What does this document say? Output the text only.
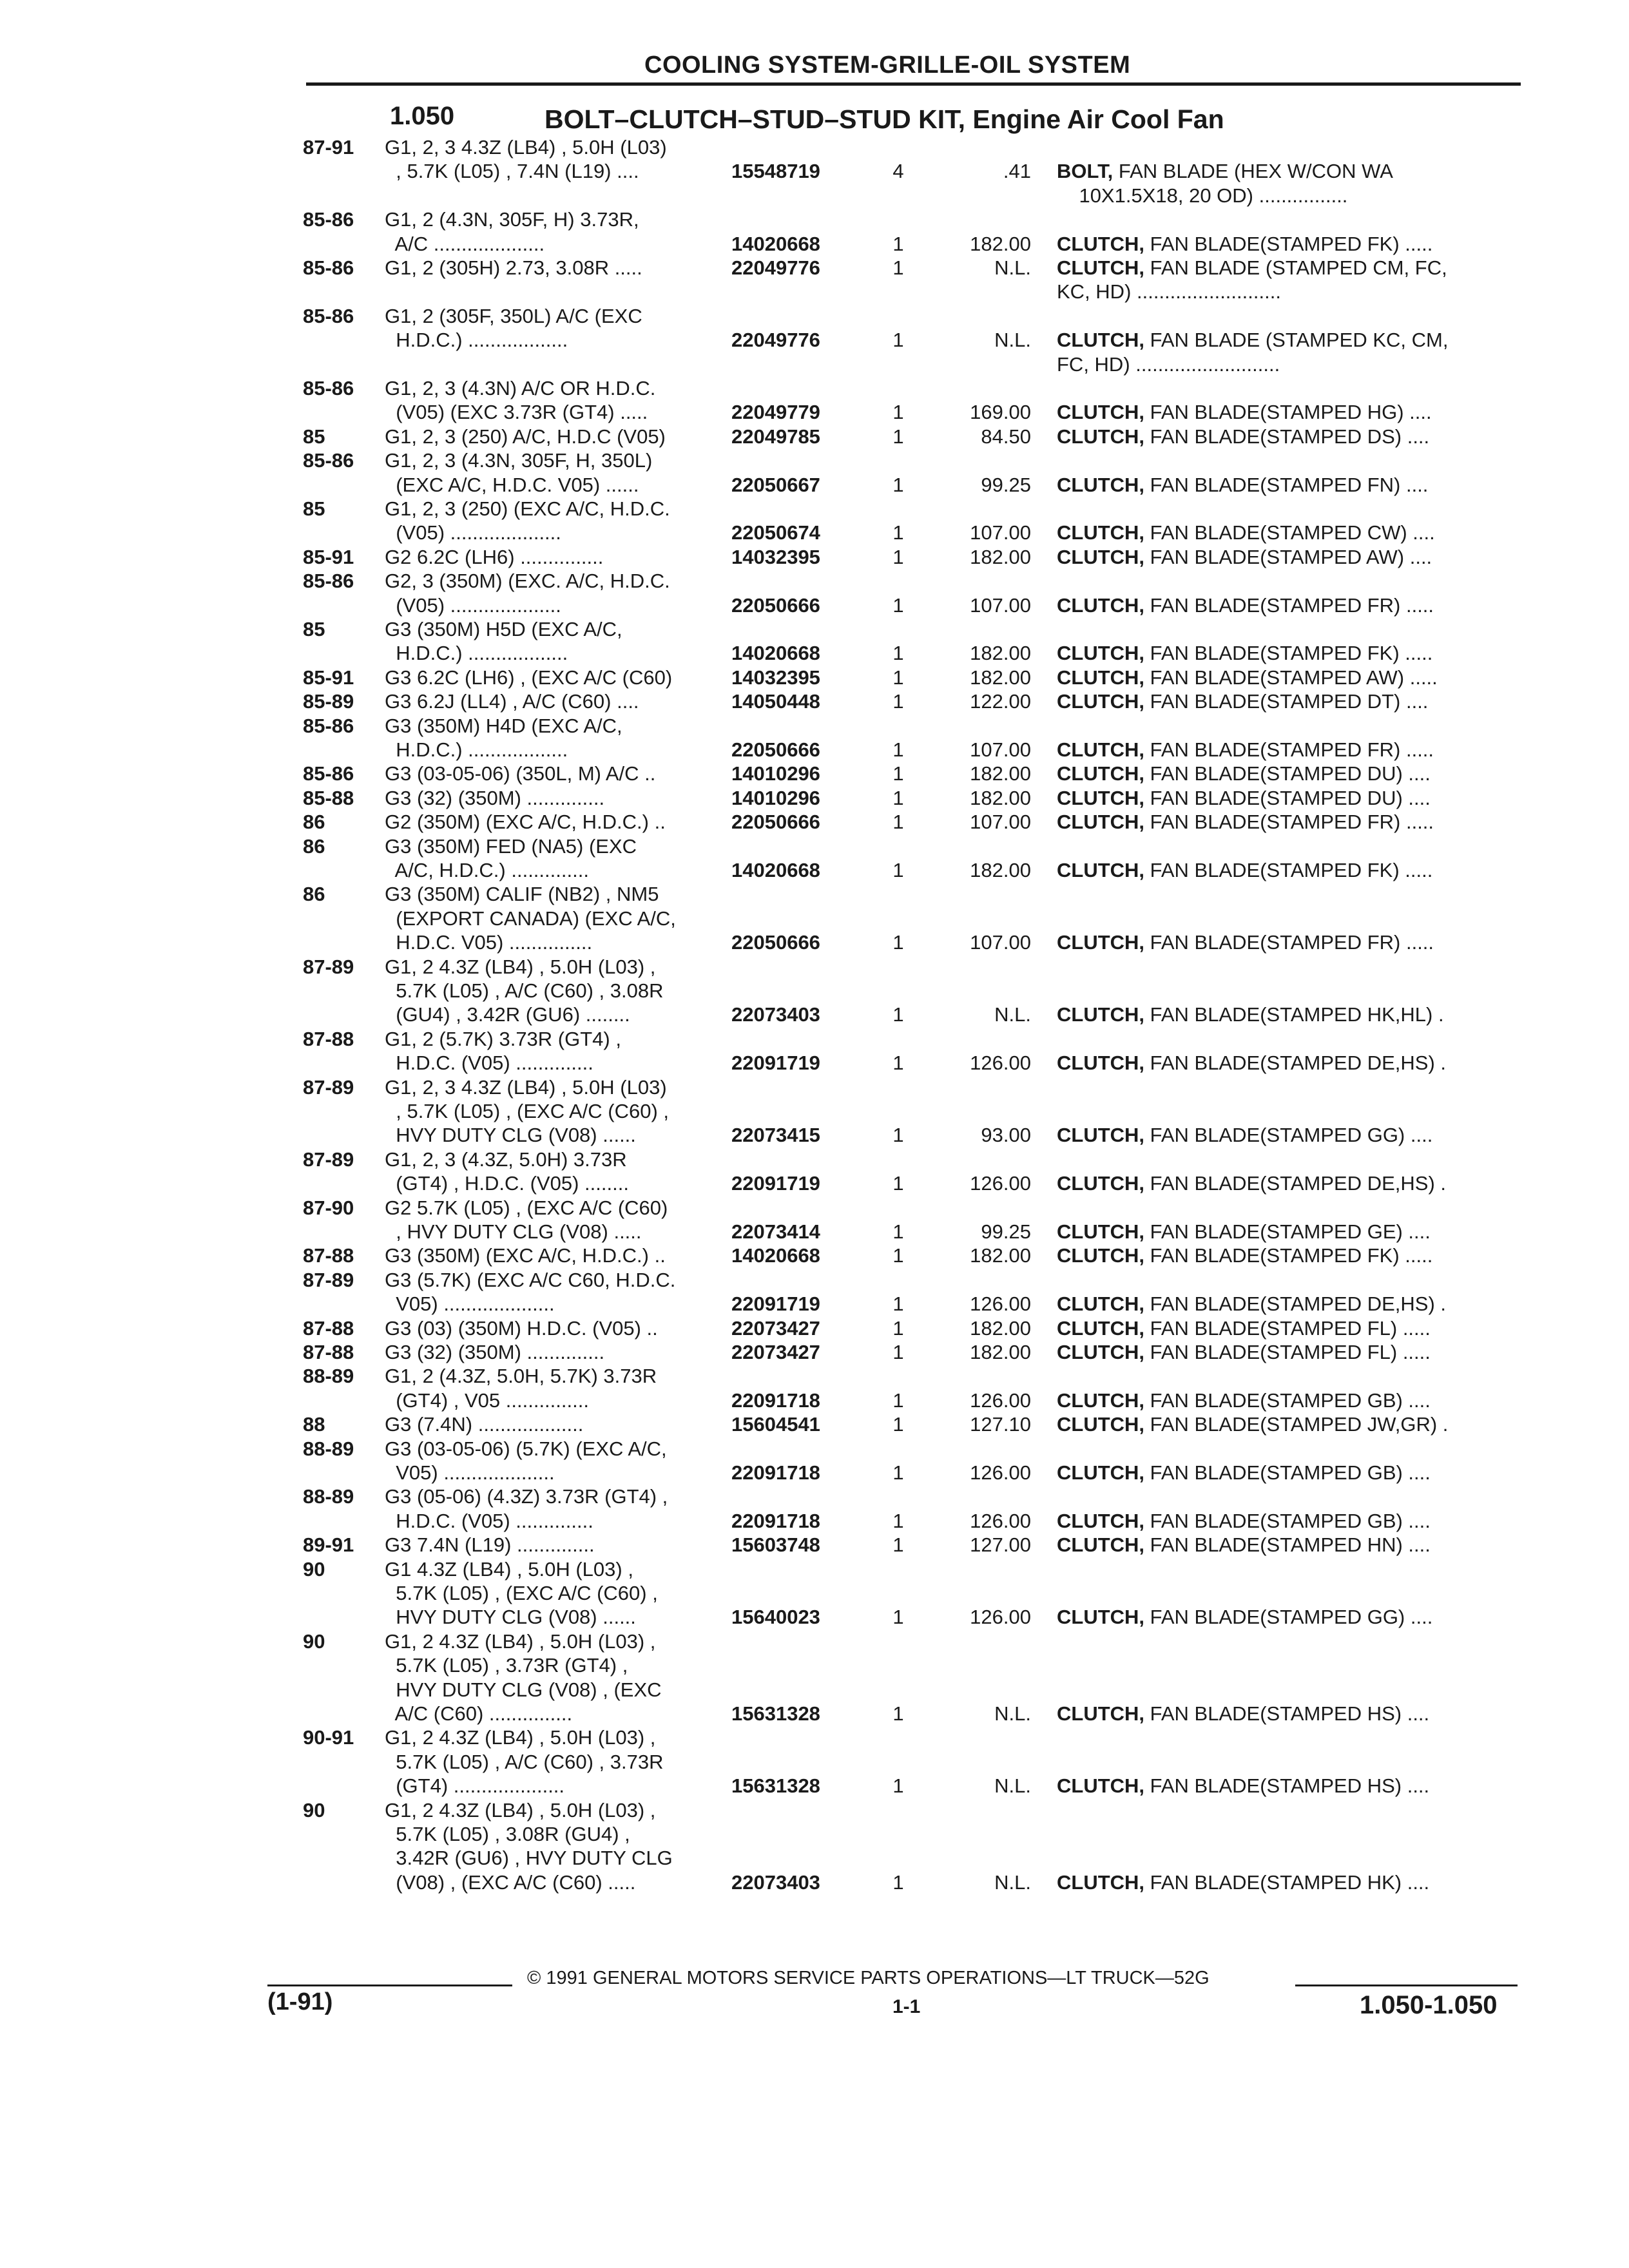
COOLING SYSTEM-GRILLE-OIL SYSTEM
1.050	BOLT–CLUTCH–STUD–STUD KIT, Engine Air Cool Fan
87-91	G1, 2, 3 4.3Z (LB4) , 5.0H (L03)
, 5.7K (L05) , 7.4N (L19) ....	15548719	4	.41 BOLT, FAN BLADE (HEX W/CON WA
10X1.5X18, 20 OD) ................
85-86	G1, 2 (4.3N, 305F, H) 3.73R,
A/C ....................	14020668	1	182.00 CLUTCH, FAN BLADE(STAMPED FK) .....
85-86	G1, 2 (305H) 2.73, 3.08R .....	22049776	1	N.L. CLUTCH, FAN BLADE (STAMPED CM, FC,
KC, HD) ..........................
85-86	G1, 2 (305F, 350L) A/C (EXC
H.D.C.) ..................	22049776	1	N.L. CLUTCH, FAN BLADE (STAMPED KC, CM,
FC, HD) ..........................
85-86	G1, 2, 3 (4.3N) A/C OR H.D.C.
(V05) (EXC 3.73R (GT4) .....	22049779	1	169.00 CLUTCH, FAN BLADE(STAMPED HG) ....
85	G1, 2, 3 (250) A/C, H.D.C (V05)	22049785	1	84.50 CLUTCH, FAN BLADE(STAMPED DS) ....
85-86	G1, 2, 3 (4.3N, 305F, H, 350L)
(EXC A/C, H.D.C. V05) ......	22050667	1	99.25 CLUTCH, FAN BLADE(STAMPED FN) ....
85	G1, 2, 3 (250) (EXC A/C, H.D.C.
(V05) ....................	22050674	1	107.00 CLUTCH, FAN BLADE(STAMPED CW) ....
85-91	G2 6.2C (LH6) ...............	14032395	1	182.00 CLUTCH, FAN BLADE(STAMPED AW) ....
85-86	G2, 3 (350M) (EXC. A/C, H.D.C.
(V05) ....................	22050666	1	107.00 CLUTCH, FAN BLADE(STAMPED FR) .....
85	G3 (350M) H5D (EXC A/C,
H.D.C.) ..................	14020668	1	182.00 CLUTCH, FAN BLADE(STAMPED FK) .....
85-91	G3 6.2C (LH6) , (EXC A/C (C60)	14032395	1	182.00 CLUTCH, FAN BLADE(STAMPED AW) .....
85-89	G3 6.2J (LL4) , A/C (C60) ....	14050448	1	122.00 CLUTCH, FAN BLADE(STAMPED DT) ....
85-86	G3 (350M) H4D (EXC A/C,
H.D.C.) ..................	22050666	1	107.00 CLUTCH, FAN BLADE(STAMPED FR) .....
85-86	G3 (03-05-06) (350L, M) A/C ..	14010296	1	182.00 CLUTCH, FAN BLADE(STAMPED DU) ....
85-88	G3 (32) (350M) ..............	14010296	1	182.00 CLUTCH, FAN BLADE(STAMPED DU) ....
86	G2 (350M) (EXC A/C, H.D.C.) ..	22050666	1	107.00 CLUTCH, FAN BLADE(STAMPED FR) .....
86	G3 (350M) FED (NA5) (EXC
A/C, H.D.C.) ..............	14020668	1	182.00 CLUTCH, FAN BLADE(STAMPED FK) .....
86	G3 (350M) CALIF (NB2) , NM5
(EXPORT CANADA) (EXC A/C,
H.D.C. V05) ...............	22050666	1	107.00 CLUTCH, FAN BLADE(STAMPED FR) .....
87-89	G1, 2 4.3Z (LB4) , 5.0H (L03) ,
5.7K (L05) , A/C (C60) , 3.08R
(GU4) , 3.42R (GU6) ........	22073403	1	N.L. CLUTCH, FAN BLADE(STAMPED HK,HL) .
87-88	G1, 2 (5.7K) 3.73R (GT4) ,
H.D.C. (V05) ..............	22091719	1	126.00 CLUTCH, FAN BLADE(STAMPED DE,HS) .
87-89	G1, 2, 3 4.3Z (LB4) , 5.0H (L03)
, 5.7K (L05) , (EXC A/C (C60) ,
HVY DUTY CLG (V08) ......	22073415	1	93.00 CLUTCH, FAN BLADE(STAMPED GG) ....
87-89	G1, 2, 3 (4.3Z, 5.0H) 3.73R
(GT4) , H.D.C. (V05) ........	22091719	1	126.00 CLUTCH, FAN BLADE(STAMPED DE,HS) .
87-90	G2 5.7K (L05) , (EXC A/C (C60)
, HVY DUTY CLG (V08) .....	22073414	1	99.25 CLUTCH, FAN BLADE(STAMPED GE) ....
87-88	G3 (350M) (EXC A/C, H.D.C.) ..	14020668	1	182.00 CLUTCH, FAN BLADE(STAMPED FK) .....
87-89	G3 (5.7K) (EXC A/C C60, H.D.C.
V05) ....................	22091719	1	126.00 CLUTCH, FAN BLADE(STAMPED DE,HS) .
87-88	G3 (03) (350M) H.D.C. (V05) ..	22073427	1	182.00 CLUTCH, FAN BLADE(STAMPED FL) .....
87-88	G3 (32) (350M) ..............	22073427	1	182.00 CLUTCH, FAN BLADE(STAMPED FL) .....
88-89	G1, 2 (4.3Z, 5.0H, 5.7K) 3.73R
(GT4) , V05 ...............	22091718	1	126.00 CLUTCH, FAN BLADE(STAMPED GB) ....
88	G3 (7.4N) ...................	15604541	1	127.10 CLUTCH, FAN BLADE(STAMPED JW,GR) .
88-89	G3 (03-05-06) (5.7K) (EXC A/C,
V05) ....................	22091718	1	126.00 CLUTCH, FAN BLADE(STAMPED GB) ....
88-89	G3 (05-06) (4.3Z) 3.73R (GT4) ,
H.D.C. (V05) ..............	22091718	1	126.00 CLUTCH, FAN BLADE(STAMPED GB) ....
89-91	G3 7.4N (L19) ..............	15603748	1	127.00 CLUTCH, FAN BLADE(STAMPED HN) ....
90	G1 4.3Z (LB4) , 5.0H (L03) ,
5.7K (L05) , (EXC A/C (C60) ,
HVY DUTY CLG (V08) ......	15640023	1	126.00 CLUTCH, FAN BLADE(STAMPED GG) ....
90	G1, 2 4.3Z (LB4) , 5.0H (L03) ,
5.7K (L05) , 3.73R (GT4) ,
HVY DUTY CLG (V08) , (EXC
A/C (C60) ...............	15631328	1	N.L. CLUTCH, FAN BLADE(STAMPED HS) ....
90-91	G1, 2 4.3Z (LB4) , 5.0H (L03) ,
5.7K (L05) , A/C (C60) , 3.73R
(GT4) ....................	15631328	1	N.L. CLUTCH, FAN BLADE(STAMPED HS) ....
90	G1, 2 4.3Z (LB4) , 5.0H (L03) ,
5.7K (L05) , 3.08R (GU4) ,
3.42R (GU6) , HVY DUTY CLG
(V08) , (EXC A/C (C60) .....	22073403	1	N.L. CLUTCH, FAN BLADE(STAMPED HK) ....
© 1991 GENERAL MOTORS SERVICE PARTS OPERATIONS—LT TRUCK—52G
(1-91)	1-1	1.050-1.050
